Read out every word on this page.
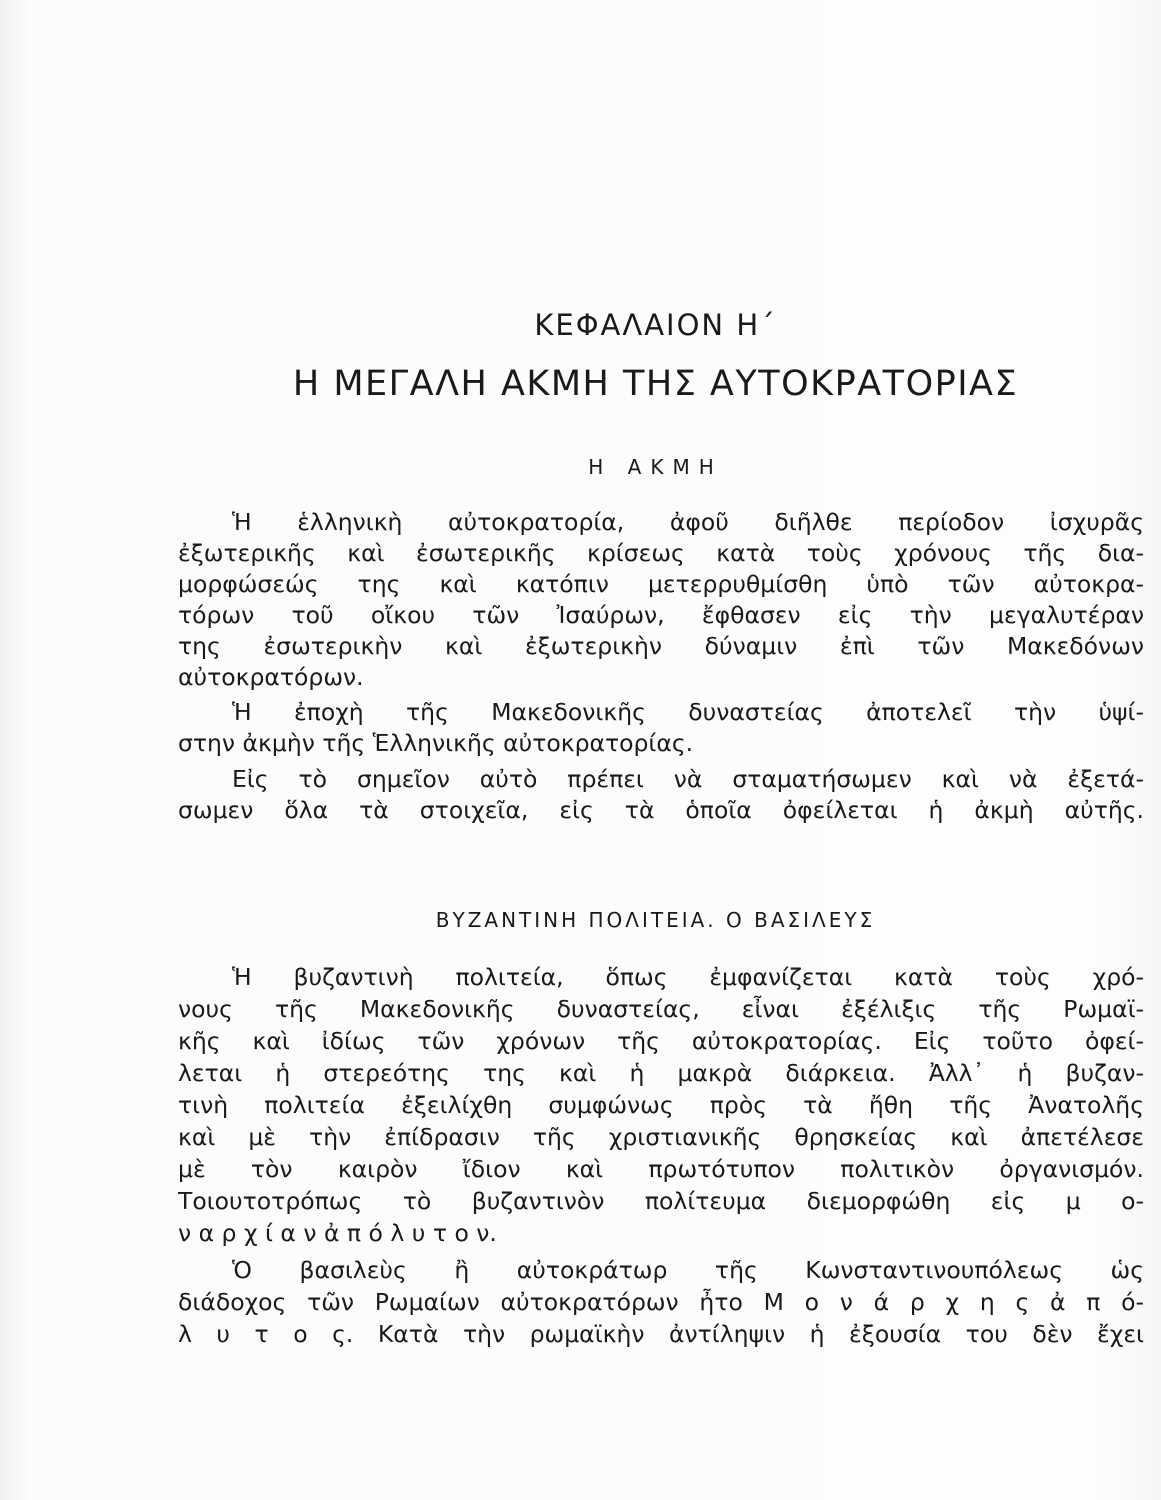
ΚΕΦΑΛΑΙΟΝ Η΄
Η ΜΕΓΑΛΗ ΑΚΜΗ ΤΗΣ ΑΥΤΟΚΡΑΤΟΡΙΑΣ
Η ΑΚΜΗ
Ἡ ἑλληνικὴ αὐτοκρατορία, ἀφοῦ διῆλθε περίοδον ἰσχυρᾶς
ἐξωτερικῆς καὶ ἐσωτερικῆς κρίσεως κατὰ τοὺς χρόνους τῆς δια-
μορφώσεώς της καὶ κατόπιν μετερρυθμίσθη ὑπὸ τῶν αὐτοκρα-
τόρων τοῦ οἴκου τῶν Ἰσαύρων, ἔφθασεν εἰς τὴν μεγαλυτέραν
της ἐσωτερικὴν καὶ ἐξωτερικὴν δύναμιν ἐπὶ τῶν Μακεδόνων
αὐτοκρατόρων.
Ἡ ἐποχὴ τῆς Μακεδονικῆς δυναστείας ἀποτελεῖ τὴν ὑψί-
στην ἀκμὴν τῆς Ἑλληνικῆς αὐτοκρατορίας.
Εἰς τὸ σημεῖον αὐτὸ πρέπει νὰ σταματήσωμεν καὶ νὰ ἐξετά-
σωμεν ὅλα τὰ στοιχεῖα, εἰς τὰ ὁποῖα ὀφείλεται ἡ ἀκμὴ αὐτῆς.
ΒΥΖΑΝΤΙΝΗ ΠΟΛΙΤΕΙΑ. Ο ΒΑΣΙΛΕΥΣ
Ἡ βυζαντινὴ πολιτεία, ὅπως ἐμφανίζεται κατὰ τοὺς χρό-
νους τῆς Μακεδονικῆς δυναστείας, εἶναι ἐξέλιξις τῆς Ρωμαϊ-
κῆς καὶ ἰδίως τῶν χρόνων τῆς αὐτοκρατορίας. Εἰς τοῦτο ὀφεί-
λεται ἡ στερεότης της καὶ ἡ μακρὰ διάρκεια. Ἀλλ᾽ ἡ βυζαν-
τινὴ πολιτεία ἐξειλίχθη συμφώνως πρὸς τὰ ἤθη τῆς Ἀνατολῆς
καὶ μὲ τὴν ἐπίδρασιν τῆς χριστιανικῆς θρησκείας καὶ ἀπετέλεσε
μὲ τὸν καιρὸν ἴδιον καὶ πρωτότυπον πολιτικὸν ὀργανισμόν.
Τοιουτοτρόπως τὸ βυζαντινὸν πολίτευμα διεμορφώθη εἰς μ ο-
ν α ρ χ ί α ν ἀ π ό λ υ τ ο ν.
Ὁ βασιλεὺς ἢ αὐτοκράτωρ τῆς Κωνσταντινουπόλεως ὡς
διάδοχος τῶν Ρωμαίων αὐτοκρατόρων ἦτο Μ ο ν ά ρ χ η ς ἀ π ό-
λ υ τ ο ς. Κατὰ τὴν ρωμαϊκὴν ἀντίληψιν ἡ ἐξουσία του δὲν ἔχει
